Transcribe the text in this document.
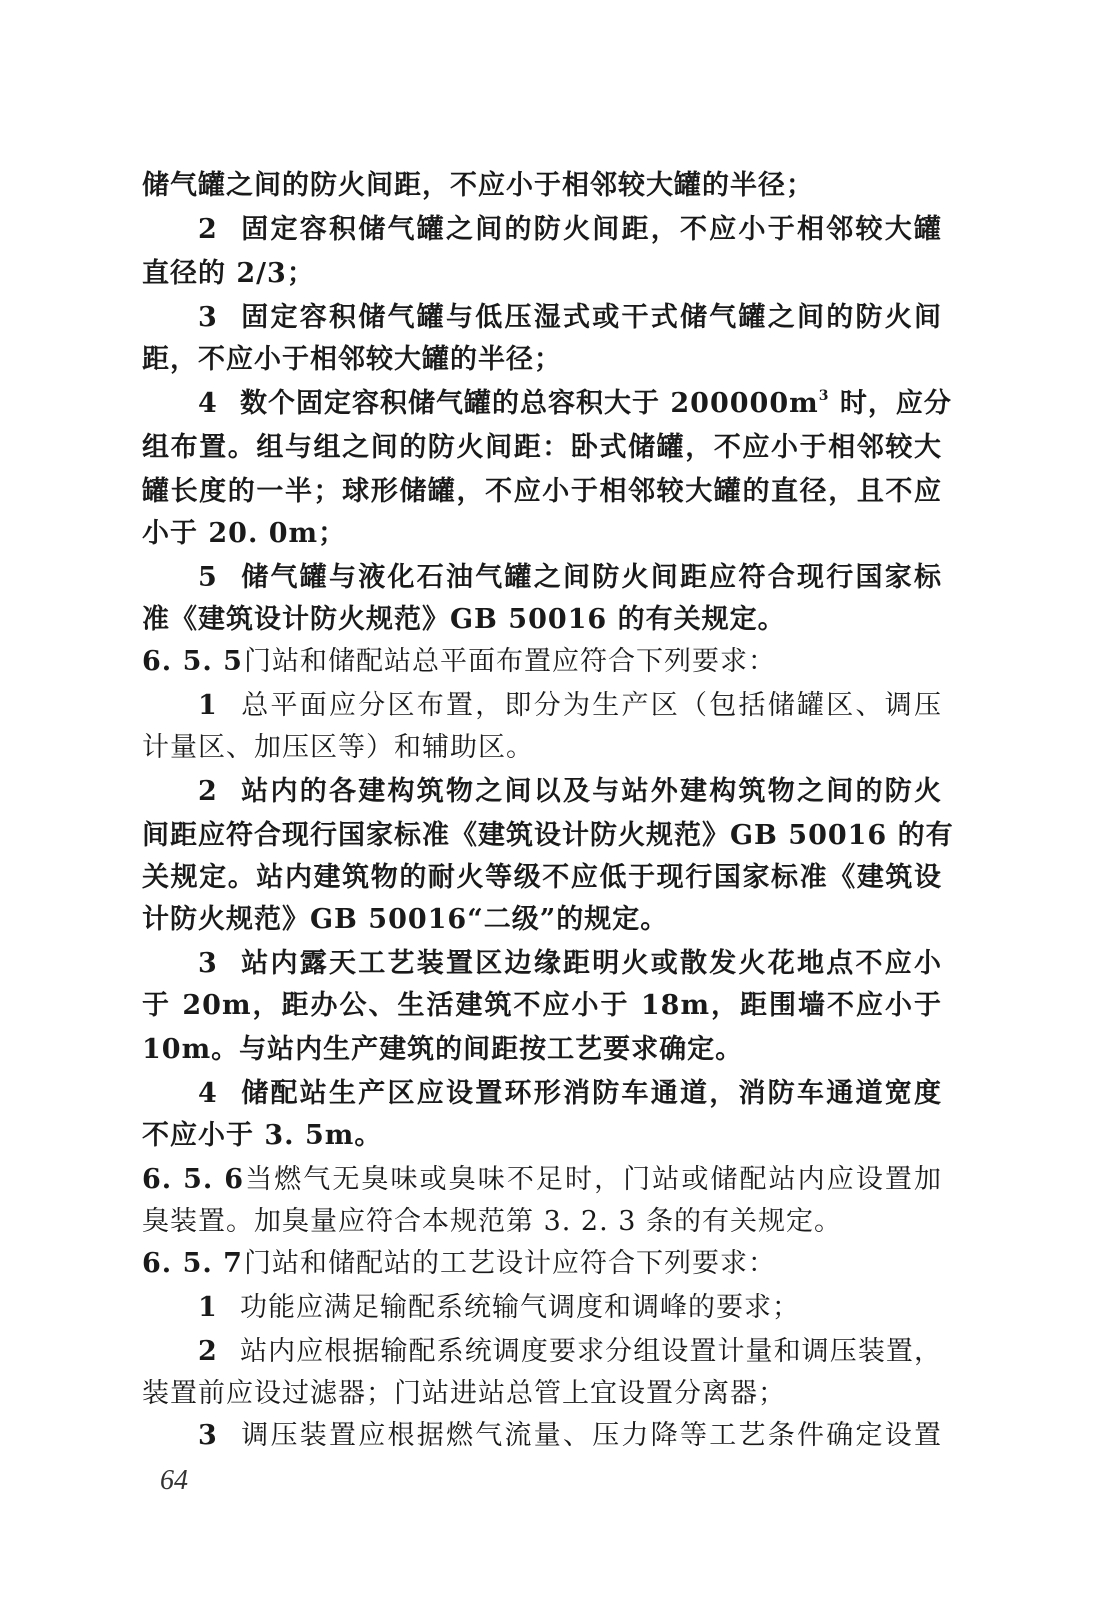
储气罐之间的防火间距，不应小于相邻较大罐的半径；
2 固定容积储气罐之间的防火间距，不应小于相邻较大罐
直径的 2/3；
3 固定容积储气罐与低压湿式或干式储气罐之间的防火间
距，不应小于相邻较大罐的半径；
4 数个固定容积储气罐的总容积大于 $200000m^3$ 时，应分
组布置。组与组之间的防火间距：卧式储罐，不应小于相邻较大
罐长度的一半；球形储罐，不应小于相邻较大罐的直径，且不应
小于 20. 0m；
5 储气罐与液化石油气罐之间防火间距应符合现行国家标
准《建筑设计防火规范》GB 50016 的有关规定。
6. 5. 5门站和储配站总平面布置应符合下列要求：
1 总平面应分区布置，即分为生产区（包括储罐区、调压
计量区、加压区等）和辅助区。
2 站内的各建构筑物之间以及与站外建构筑物之间的防火
间距应符合现行国家标准《建筑设计防火规范》GB 50016 的有
关规定。站内建筑物的耐火等级不应低于现行国家标准《建筑设
计防火规范》GB 50016“二级”的规定。
3 站内露天工艺装置区边缘距明火或散发火花地点不应小
于 20m，距办公、生活建筑不应小于 18m，距围墙不应小于
10m。与站内生产建筑的间距按工艺要求确定。
4 储配站生产区应设置环形消防车通道，消防车通道宽度
不应小于 3. 5m。
6. 5. 6当燃气无臭味或臭味不足时，门站或储配站内应设置加
臭装置。加臭量应符合本规范第 3. 2. 3 条的有关规定。
6. 5. 7门站和储配站的工艺设计应符合下列要求：
1 功能应满足输配系统输气调度和调峰的要求；
2 站内应根据输配系统调度要求分组设置计量和调压装置，
装置前应设过滤器；门站进站总管上宜设置分离器；
3 调压装置应根据燃气流量、压力降等工艺条件确定设置
64
